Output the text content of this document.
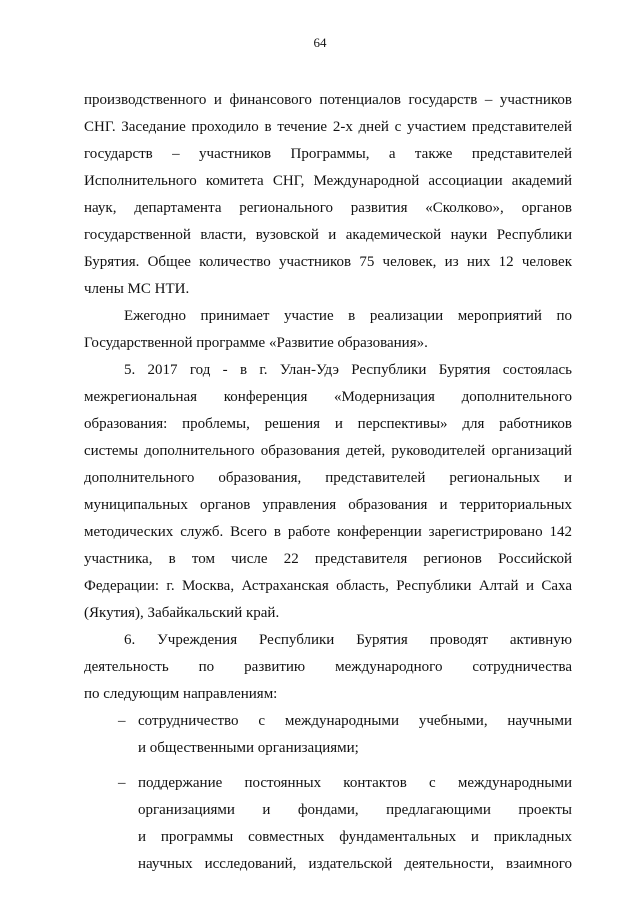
64
производственного и финансового потенциалов государств – участников
СНГ. Заседание проходило в течение 2-х дней с участием представителей
государств – участников Программы, а также представителей
Исполнительного комитета СНГ, Международной ассоциации академий
наук, департамента регионального развития «Сколково», органов
государственной власти, вузовской и академической науки Республики
Бурятия. Общее количество участников 75 человек, из них 12 человек
члены МС НТИ.
Ежегодно принимает участие в реализации мероприятий по
Государственной программе «Развитие образования».
5. 2017 год - в г. Улан-Удэ Республики Бурятия состоялась
межрегиональная конференция «Модернизация дополнительного
образования: проблемы, решения и перспективы» для работников
системы дополнительного образования детей, руководителей организаций
дополнительного образования, представителей региональных и
муниципальных органов управления образования и территориальных
методических служб. Всего в работе конференции зарегистрировано 142
участника, в том числе 22 представителя регионов Российской
Федерации: г. Москва, Астраханская область, Республики Алтай и Саха
(Якутия), Забайкальский край.
6. Учреждения Республики Бурятия проводят активную
деятельность по развитию международного сотрудничества
по следующим направлениям:
– сотрудничество с международными учебными, научными
и общественными организациями;
– поддержание постоянных контактов с международными
организациями и фондами, предлагающими проекты
и программы совместных фундаментальных и прикладных
научных исследований, издательской деятельности, взаимного
